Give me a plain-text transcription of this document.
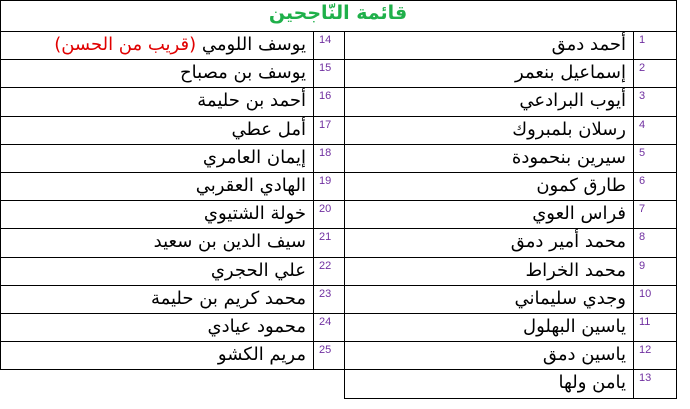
قائمة النّاجحين
1
أحمد دمق
2
إسماعيل بنعمر
3
أيوب البرادعي
4
رسلان بلمبروك
5
سيرين بنحمودة
6
طارق كمون
7
فراس العوي
8
محمد أمير دمق
9
محمد الخراط
10
وجدي سليماني
11
ياسين البهلول
12
ياسين دمق
13
يامن ولها
14
يوسف اللومي (قريب من الحسن)
15
يوسف بن مصباح
16
أحمد بن حليمة
17
أمل عطي
18
إيمان العامري
19
الهادي العقربي
20
خولة الشتيوي
21
سيف الدين بن سعيد
22
علي الحجري
23
محمد كريم بن حليمة
24
محمود عيادي
25
مريم الكشو
